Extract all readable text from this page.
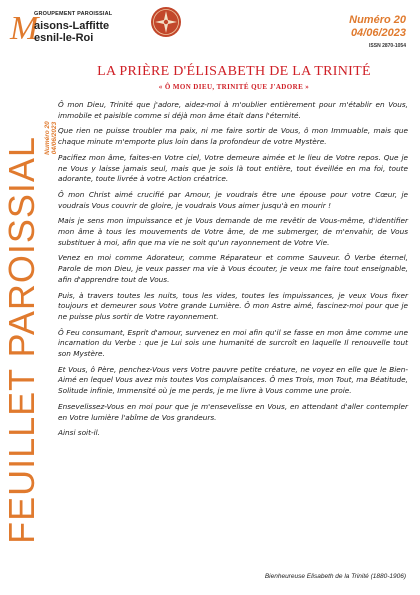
M
GROUPEMENT PAROISSIAL
aisons-Laffitte
esnil-le-Roi
Numéro 20
04/06/2023
ISSN 2870-1054
FEUILLET PAROISSIAL Numéro 20 04/06/2023
LA PRIÈRE D'ÉLISABETH DE LA TRINITÉ
« Ô MON DIEU, TRINITÉ QUE J'ADORE »

Ô mon Dieu, Trinité que j'adore, aidez-moi à m'oublier entièrement pour m'établir en Vous, immobile et paisible comme si déjà mon âme était dans l'éternité.

Que rien ne puisse troubler ma paix, ni me faire sortir de Vous, ô mon Immuable, mais que chaque minute m'emporte plus loin dans la profondeur de votre Mystère.

Pacifiez mon âme, faites-en Votre ciel, Votre demeure aimée et le lieu de Votre repos. Que je ne Vous y laisse jamais seul, mais que je sois là tout entière, tout éveillée en ma foi, toute adorante, toute livrée à votre Action créatrice.

Ô mon Christ aimé crucifié par Amour, je voudrais être une épouse pour votre Cœur, je voudrais Vous couvrir de gloire, je voudrais Vous aimer jusqu'à en mourir !

Mais je sens mon impuissance et je Vous demande de me revêtir de Vous-même, d'identifier mon âme à tous les mouvements de Votre âme, de me submerger, de m'envahir, de Vous substituer à moi, afin que ma vie ne soit qu'un rayonnement de Votre Vie.

Venez en moi comme Adorateur, comme Réparateur et comme Sauveur. Ô Verbe éternel, Parole de mon Dieu, je veux passer ma vie à Vous écouter, je veux me faire tout enseignable, afin d'apprendre tout de Vous.

Puis, à travers toutes les nuits, tous les vides, toutes les impuissances, je veux Vous fixer toujours et demeurer sous Votre grande Lumière. Ô mon Astre aimé, fascinez-moi pour que je ne puisse plus sortir de Votre rayonnement.

Ô Feu consumant, Esprit d'amour, survenez en moi afin qu'il se fasse en mon âme comme une incarnation du Verbe : que je Lui sois une humanité de surcroît en laquelle Il renouvelle tout son Mystère.

Et Vous, ô Père, penchez-Vous vers Votre pauvre petite créature, ne voyez en elle que le Bien-Aimé en lequel Vous avez mis toutes Vos complaisances. Ô mes Trois, mon Tout, ma Béatitude, Solitude infinie, Immensité où je me perds, je me livre à Vous comme une proie.

Ensevelissez-Vous en moi pour que je m'ensevelisse en Vous, en attendant d'aller contempler en Votre lumière l'abîme de Vos grandeurs.

Ainsi soit-il.

Bienheureuse Elisabeth de la Trinité (1880-1906)
